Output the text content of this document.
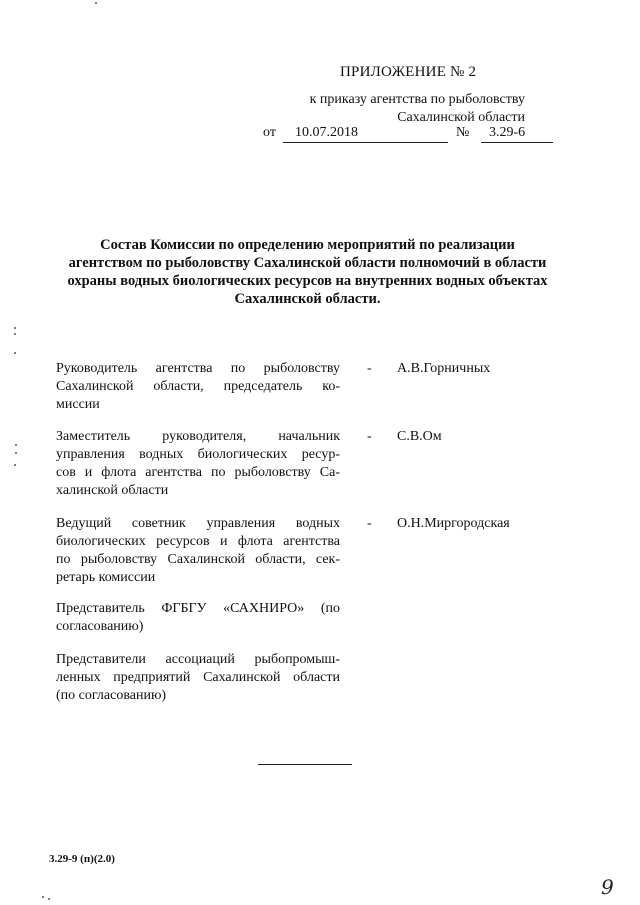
ПРИЛОЖЕНИЕ № 2
к приказу агентства по рыболовству
Сахалинской области
от	10.07.2018	№	3.29-6
Состав Комиссии по определению мероприятий по реализации
агентством по рыболовству Сахалинской области полномочий в области
охраны водных биологических ресурсов на внутренних водных объектах
Сахалинской области.
Руководитель агентства по рыболовству
Сахалинской области, председатель ко-
миссии
- А.В.Горничных
Заместитель руководителя, начальник
управления водных биологических ресур-
сов и флота агентства по рыболовству Са-
халинской области
- С.В.Ом
Ведущий советник управления водных
биологических ресурсов и флота агентства
по рыболовству Сахалинской области, сек-
ретарь комиссии
- О.Н.Миргородская
Представитель ФГБГУ «САХНИРО» (по
согласованию)
Представители ассоциаций рыбопромыш-
ленных предприятий Сахалинской области
(по согласованию)
3.29-9 (п)(2.0)
9
